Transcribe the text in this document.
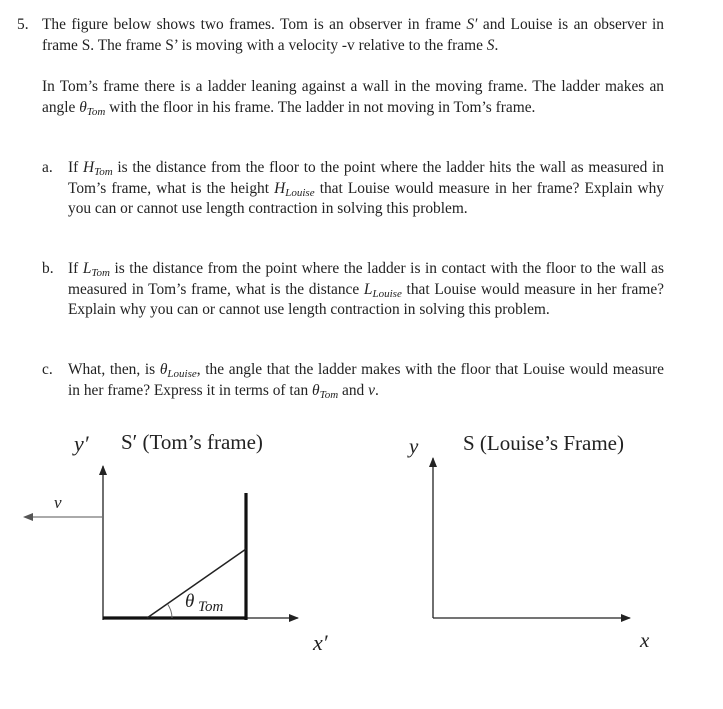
5. The figure below shows two frames. Tom is an observer in frame S′ and Louise is an observer in frame S. The frame S’ is moving with a velocity -v relative to the frame S.
In Tom’s frame there is a ladder leaning against a wall in the moving frame. The ladder makes an angle $\theta_{Tom}$ with the floor in his frame. The ladder in not moving in Tom’s frame.
a. If $H_{Tom}$ is the distance from the floor to the point where the ladder hits the wall as measured in Tom’s frame, what is the height $H_{Louise}$ that Louise would measure in her frame? Explain why you can or cannot use length contraction in solving this problem.
b. If $L_{Tom}$ is the distance from the point where the ladder is in contact with the floor to the wall as measured in Tom’s frame, what is the distance $L_{Louise}$ that Louise would measure in her frame? Explain why you can or cannot use length contraction in solving this problem.
c. What, then, is $\theta_{Louise}$, the angle that the ladder makes with the floor that Louise would measure in her frame? Express it in terms of $\tan \theta_{Tom}$ and v.
y′ S′ (Tom’s frame)
x′
v⃗
θ Tom
y S (Louise’s Frame)
x
